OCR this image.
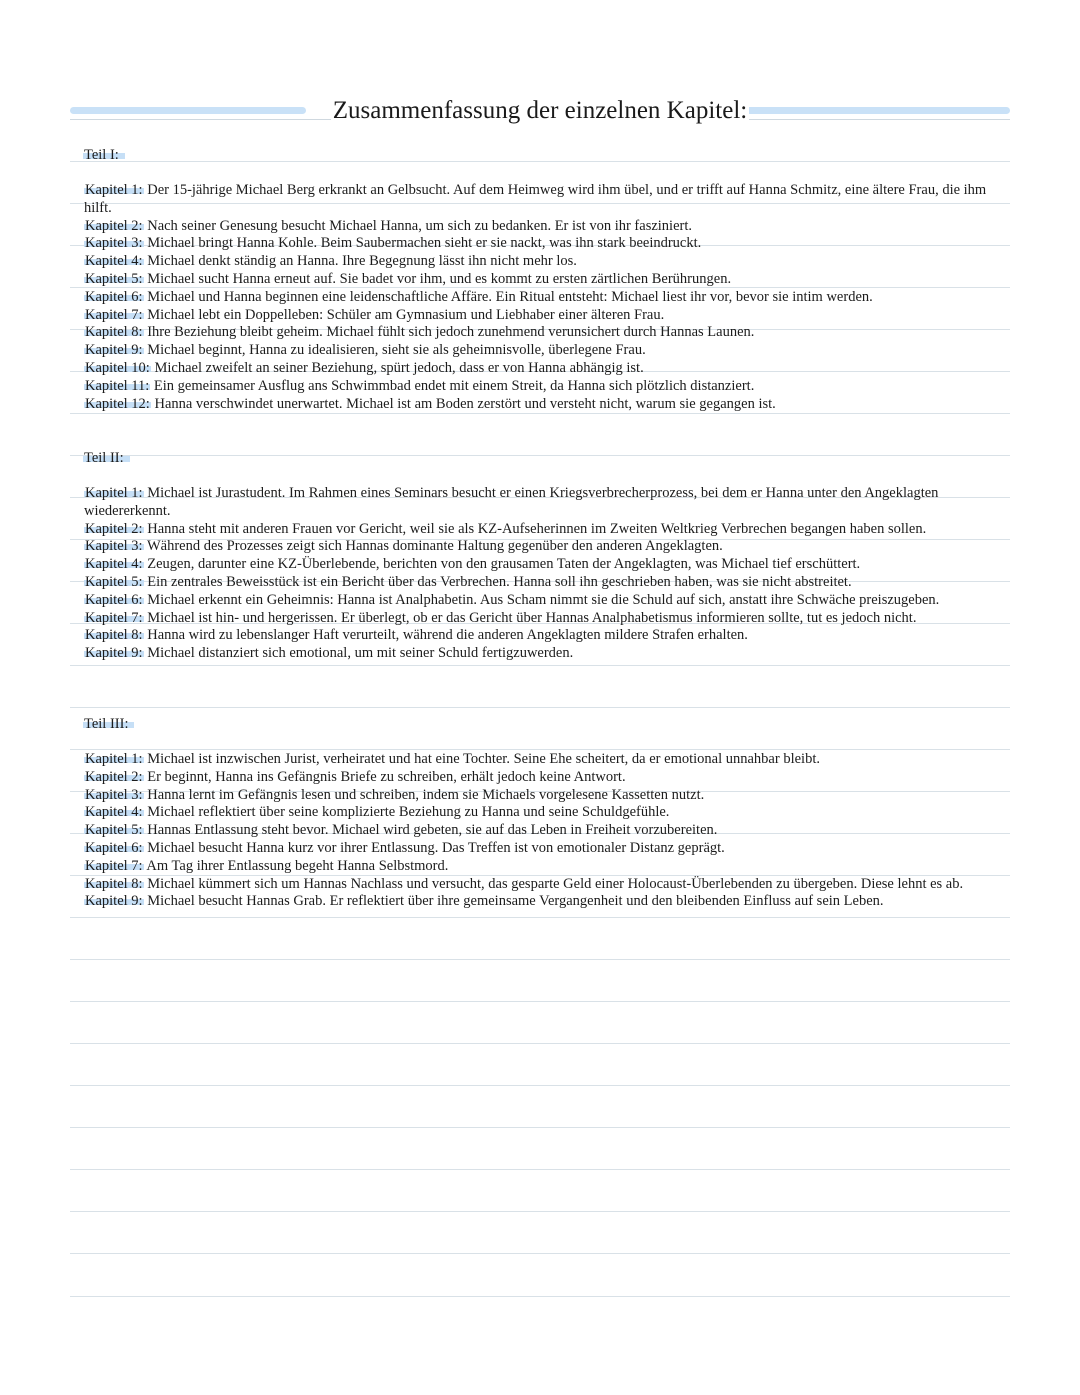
Zusammenfassung der einzelnen Kapitel:
Teil I:
Kapitel 1: Der 15-jährige Michael Berg erkrankt an Gelbsucht. Auf dem Heimweg wird ihm übel, und er trifft auf Hanna Schmitz, eine ältere Frau, die ihm hilft.
Kapitel 2: Nach seiner Genesung besucht Michael Hanna, um sich zu bedanken. Er ist von ihr fasziniert.
Kapitel 3: Michael bringt Hanna Kohle. Beim Saubermachen sieht er sie nackt, was ihn stark beeindruckt.
Kapitel 4: Michael denkt ständig an Hanna. Ihre Begegnung lässt ihn nicht mehr los.
Kapitel 5: Michael sucht Hanna erneut auf. Sie badet vor ihm, und es kommt zu ersten zärtlichen Berührungen.
Kapitel 6: Michael und Hanna beginnen eine leidenschaftliche Affäre. Ein Ritual entsteht: Michael liest ihr vor, bevor sie intim werden.
Kapitel 7: Michael lebt ein Doppelleben: Schüler am Gymnasium und Liebhaber einer älteren Frau.
Kapitel 8: Ihre Beziehung bleibt geheim. Michael fühlt sich jedoch zunehmend verunsichert durch Hannas Launen.
Kapitel 9: Michael beginnt, Hanna zu idealisieren, sieht sie als geheimnisvolle, überlegene Frau.
Kapitel 10: Michael zweifelt an seiner Beziehung, spürt jedoch, dass er von Hanna abhängig ist.
Kapitel 11: Ein gemeinsamer Ausflug ans Schwimmbad endet mit einem Streit, da Hanna sich plötzlich distanziert.
Kapitel 12: Hanna verschwindet unerwartet. Michael ist am Boden zerstört und versteht nicht, warum sie gegangen ist.
Teil II:
Kapitel 1: Michael ist Jurastudent. Im Rahmen eines Seminars besucht er einen Kriegsverbrecherprozess, bei dem er Hanna unter den Angeklagten wiedererkennt.
Kapitel 2: Hanna steht mit anderen Frauen vor Gericht, weil sie als KZ-Aufseherinnen im Zweiten Weltkrieg Verbrechen begangen haben sollen.
Kapitel 3: Während des Prozesses zeigt sich Hannas dominante Haltung gegenüber den anderen Angeklagten.
Kapitel 4: Zeugen, darunter eine KZ-Überlebende, berichten von den grausamen Taten der Angeklagten, was Michael tief erschüttert.
Kapitel 5: Ein zentrales Beweisstück ist ein Bericht über das Verbrechen. Hanna soll ihn geschrieben haben, was sie nicht abstreitet.
Kapitel 6: Michael erkennt ein Geheimnis: Hanna ist Analphabetin. Aus Scham nimmt sie die Schuld auf sich, anstatt ihre Schwäche preiszugeben.
Kapitel 7: Michael ist hin- und hergerissen. Er überlegt, ob er das Gericht über Hannas Analphabetismus informieren sollte, tut es jedoch nicht.
Kapitel 8: Hanna wird zu lebenslanger Haft verurteilt, während die anderen Angeklagten mildere Strafen erhalten.
Kapitel 9: Michael distanziert sich emotional, um mit seiner Schuld fertigzuwerden.
Teil III:
Kapitel 1: Michael ist inzwischen Jurist, verheiratet und hat eine Tochter. Seine Ehe scheitert, da er emotional unnahbar bleibt.
Kapitel 2: Er beginnt, Hanna ins Gefängnis Briefe zu schreiben, erhält jedoch keine Antwort.
Kapitel 3: Hanna lernt im Gefängnis lesen und schreiben, indem sie Michaels vorgelesene Kassetten nutzt.
Kapitel 4: Michael reflektiert über seine komplizierte Beziehung zu Hanna und seine Schuldgefühle.
Kapitel 5: Hannas Entlassung steht bevor. Michael wird gebeten, sie auf das Leben in Freiheit vorzubereiten.
Kapitel 6: Michael besucht Hanna kurz vor ihrer Entlassung. Das Treffen ist von emotionaler Distanz geprägt.
Kapitel 7: Am Tag ihrer Entlassung begeht Hanna Selbstmord.
Kapitel 8: Michael kümmert sich um Hannas Nachlass und versucht, das gesparte Geld einer Holocaust-Überlebenden zu übergeben. Diese lehnt es ab.
Kapitel 9: Michael besucht Hannas Grab. Er reflektiert über ihre gemeinsame Vergangenheit und den bleibenden Einfluss auf sein Leben.
